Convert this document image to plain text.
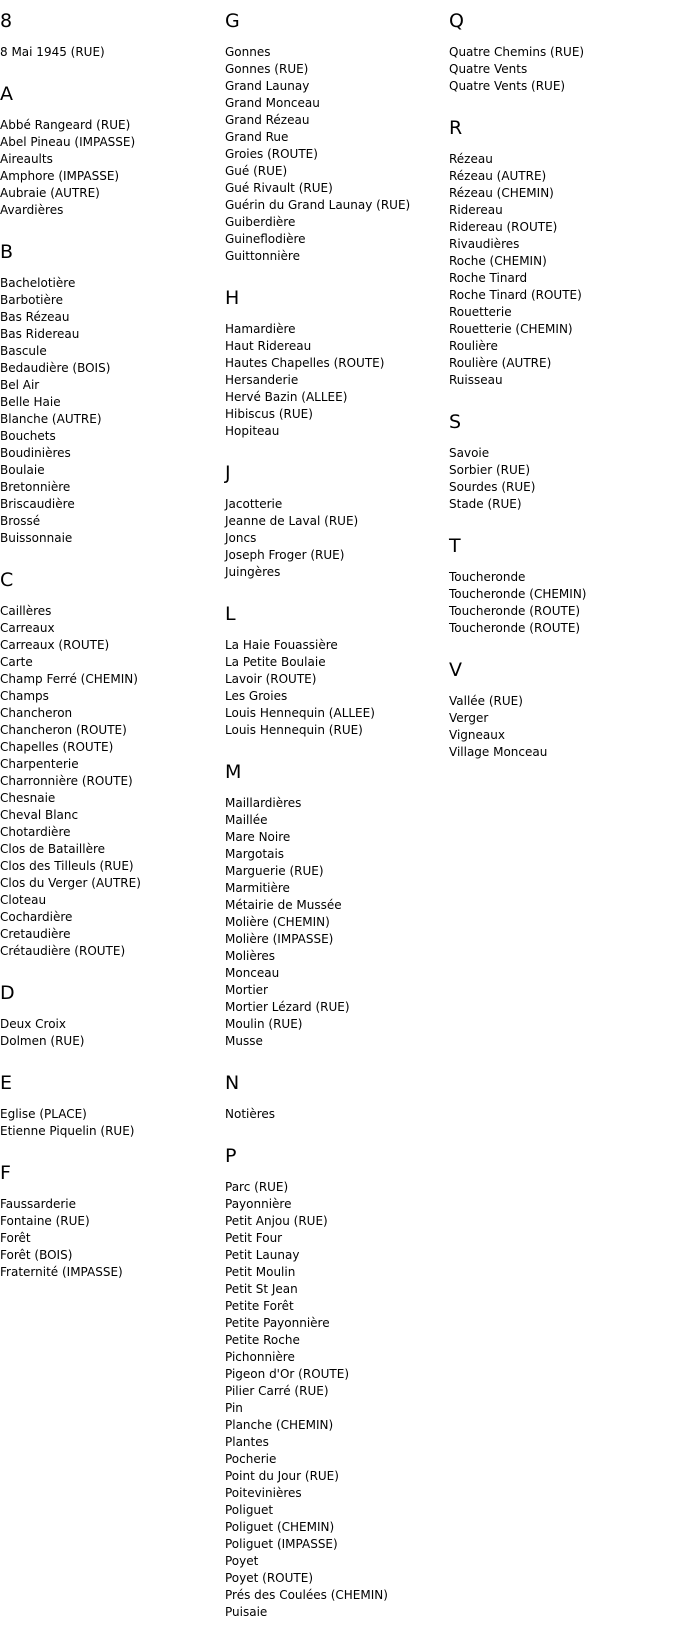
8
8 Mai 1945 (RUE)
A
Abbé Rangeard (RUE)
Abel Pineau (IMPASSE)
Aireaults
Amphore (IMPASSE)
Aubraie (AUTRE)
Avardières
B
Bachelotière
Barbotière
Bas Rézeau
Bas Ridereau
Bascule
Bedaudière (BOIS)
Bel Air
Belle Haie
Blanche (AUTRE)
Bouchets
Boudinières
Boulaie
Bretonnière
Briscaudière
Brossé
Buissonnaie
C
Caillères
Carreaux
Carreaux (ROUTE)
Carte
Champ Ferré (CHEMIN)
Champs
Chancheron
Chancheron (ROUTE)
Chapelles (ROUTE)
Charpenterie
Charronnière (ROUTE)
Chesnaie
Cheval Blanc
Chotardière
Clos de Bataillère
Clos des Tilleuls (RUE)
Clos du Verger (AUTRE)
Cloteau
Cochardière
Cretaudière
Crétaudière (ROUTE)
D
Deux Croix
Dolmen (RUE)
E
Eglise (PLACE)
Etienne Piquelin (RUE)
F
Faussarderie
Fontaine (RUE)
Forêt
Forêt (BOIS)
Fraternité (IMPASSE)
G
Gonnes
Gonnes (RUE)
Grand Launay
Grand Monceau
Grand Rézeau
Grand Rue
Groies (ROUTE)
Gué (RUE)
Gué Rivault (RUE)
Guérin du Grand Launay (RUE)
Guiberdière
Guineflodière
Guittonnière
H
Hamardière
Haut Ridereau
Hautes Chapelles (ROUTE)
Hersanderie
Hervé Bazin (ALLEE)
Hibiscus (RUE)
Hopiteau
J
Jacotterie
Jeanne de Laval (RUE)
Joncs
Joseph Froger (RUE)
Juingères
L
La Haie Fouassière
La Petite Boulaie
Lavoir (ROUTE)
Les Groies
Louis Hennequin (ALLEE)
Louis Hennequin (RUE)
M
Maillardières
Maillée
Mare Noire
Margotais
Marguerie (RUE)
Marmitière
Métairie de Mussée
Molière (CHEMIN)
Molière (IMPASSE)
Molières
Monceau
Mortier
Mortier Lézard (RUE)
Moulin (RUE)
Musse
N
Notières
P
Parc (RUE)
Payonnière
Petit Anjou (RUE)
Petit Four
Petit Launay
Petit Moulin
Petit St Jean
Petite Forêt
Petite Payonnière
Petite Roche
Pichonnière
Pigeon d'Or (ROUTE)
Pilier Carré (RUE)
Pin
Planche (CHEMIN)
Plantes
Pocherie
Point du Jour (RUE)
Poitevinières
Poliguet
Poliguet (CHEMIN)
Poliguet (IMPASSE)
Poyet
Poyet (ROUTE)
Prés des Coulées (CHEMIN)
Puisaie
Q
Quatre Chemins (RUE)
Quatre Vents
Quatre Vents (RUE)
R
Rézeau
Rézeau (AUTRE)
Rézeau (CHEMIN)
Ridereau
Ridereau (ROUTE)
Rivaudières
Roche (CHEMIN)
Roche Tinard
Roche Tinard (ROUTE)
Rouetterie
Rouetterie (CHEMIN)
Roulière
Roulière (AUTRE)
Ruisseau
S
Savoie
Sorbier (RUE)
Sourdes (RUE)
Stade (RUE)
T
Toucheronde
Toucheronde (CHEMIN)
Toucheronde (ROUTE)
Toucheronde (ROUTE)
V
Vallée (RUE)
Verger
Vigneaux
Village Monceau
